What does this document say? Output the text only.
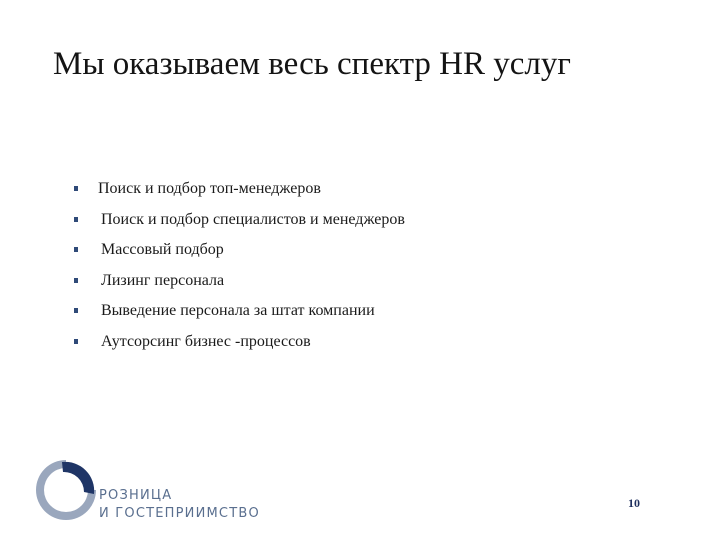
Мы оказываем весь спектр HR услуг
Поиск и подбор топ-менеджеров
Поиск и подбор специалистов и менеджеров
Массовый подбор
Лизинг персонала
Выведение персонала за штат компании
Аутсорсинг бизнес -процессов
РОЗНИЦА
И ГОСТЕПРИИМСТВО
10
